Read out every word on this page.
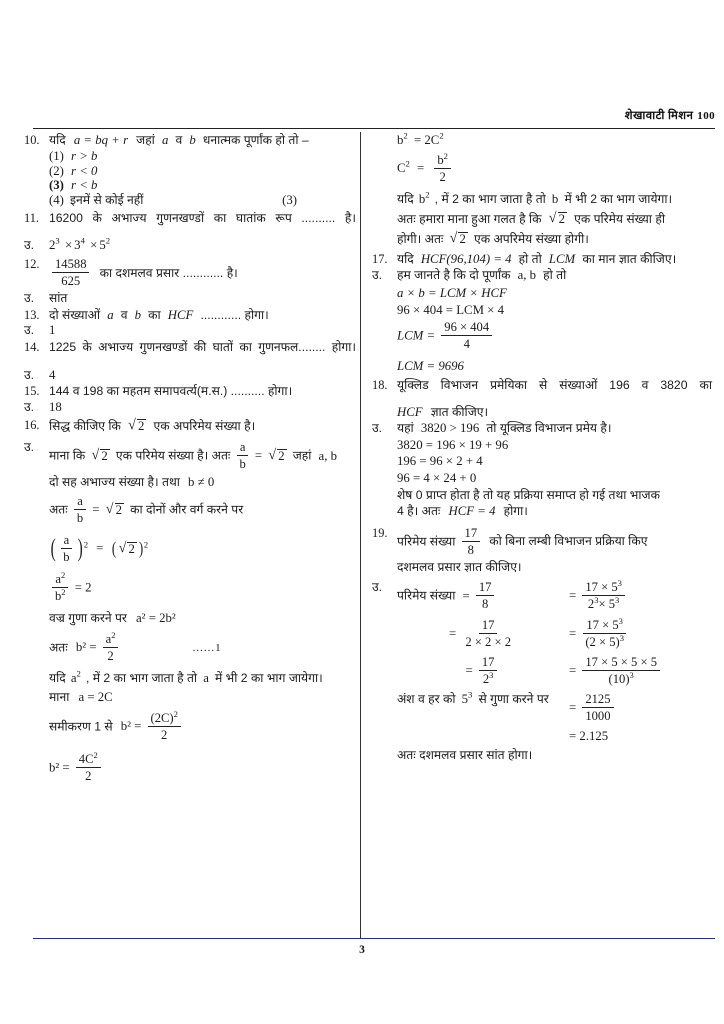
शेखावाटी मिशन 100
10. यदि a = bq + r जहां a व b धनात्मक पूर्णांक हो तो –
(1) r > b
(2) r < 0
(3) r < b
(4) इनमें से कोई नहीं	(3)
11. 16200 के अभाज्य गुणनखण्डों का घातांक रूप .......... है।
उ.	$2^3 \times 3^4 \times 5^2$
12. $\frac{14588}{625}$ का दशमलव प्रसार ............ है।
उ.	सांत
13. दो संख्याओं a व b का HCF ............ होगा।
उ.	1
14. 1225 के अभाज्य गुणनखण्डों की घातों का गुणनफल........ होगा।
उ.	4
15. 144 व 198 का महतम समापवर्त्य(म.स.) .......... होगा।
उ.	18
16. सिद्ध कीजिए कि √ 2 एक अपरिमेय संख्या है।
उ.
माना कि √ 2 एक परिमेय संख्या है। अतः $\frac{a}{b}$ = √ 2 जहां a, b
दो सह अभाज्य संख्या है। तथा b ≠ 0
अतः $\frac{a}{b}$ = √ 2 का दोनों और वर्ग करने पर
( $\frac{a}{b}$ ) $^2$ = ( √ 2 ) $^2$
$\frac{a^2}{b^2} = 2$
वज्र गुणा करने पर a² = 2b²
अतः $b^2 = \frac{a^2}{2}$	......1
यदि $a^2$ , में 2 का भाग जाता है तो a में भी 2 का भाग जायेगा।
माना a = 2C
समीकरण 1 से $b^2 = \frac{(2C)^2}{2}$
$b^2 = \frac{4C^2}{2}$
$b^2 = 2C^2$
$C^2 = \frac{b^2}{2}$
यदि $b^2$ , में 2 का भाग जाता है तो b में भी 2 का भाग जायेगा।
अतः हमारा माना हुआ गलत है कि √ 2 एक परिमेय संख्या ही
होगी। अतः √ 2 एक अपरिमेय संख्या होगी।
17. यदि HCF(96,104) = 4 हो तो LCM का मान ज्ञात कीजिए।
उ.	हम जानते है कि दो पूर्णांक a, b हो तो
a × b = LCM × HCF
96 × 404 = LCM × 4
LCM = $\frac{96 \times 404}{4}$
LCM = 9696
18. यूक्लिड विभाजन प्रमेयिका से संख्याओं 196 व 3820 का
HCF ज्ञात कीजिए।
उ.	यहां 3820 > 196 तो यूक्लिड विभाजन प्रमेय है।
3820 = 196 × 19 + 96
196 = 96 × 2 + 4
96 = 4 × 24 + 0
शेष 0 प्राप्त होता है तो यह प्रक्रिया समाप्त हो गई तथा भाजक
4 है। अतः HCF = 4 होगा।
19.
परिमेय संख्या $\frac{17}{8}$ को बिना लम्बी विभाजन प्रक्रिया किए
दशमलव प्रसार ज्ञात कीजिए।
उ.
परिमेय संख्या = $\frac{17}{8}$	= $\frac{17 \times 5^3}{2^3\times 5^3}$
= $\frac{17}{2 \times 2 \times 2}$	= $\frac{17 \times 5^3}{(2 \times 5)^3}$
= $\frac{17}{2^3}$	= $\frac{17 \times 5 \times 5 \times 5}{(10)^3}$
अंश व हर को $5^3$ से गुणा करने पर
= $\frac{2125}{1000}$
= 2.125
अतः दशमलव प्रसार सांत होगा।
3
